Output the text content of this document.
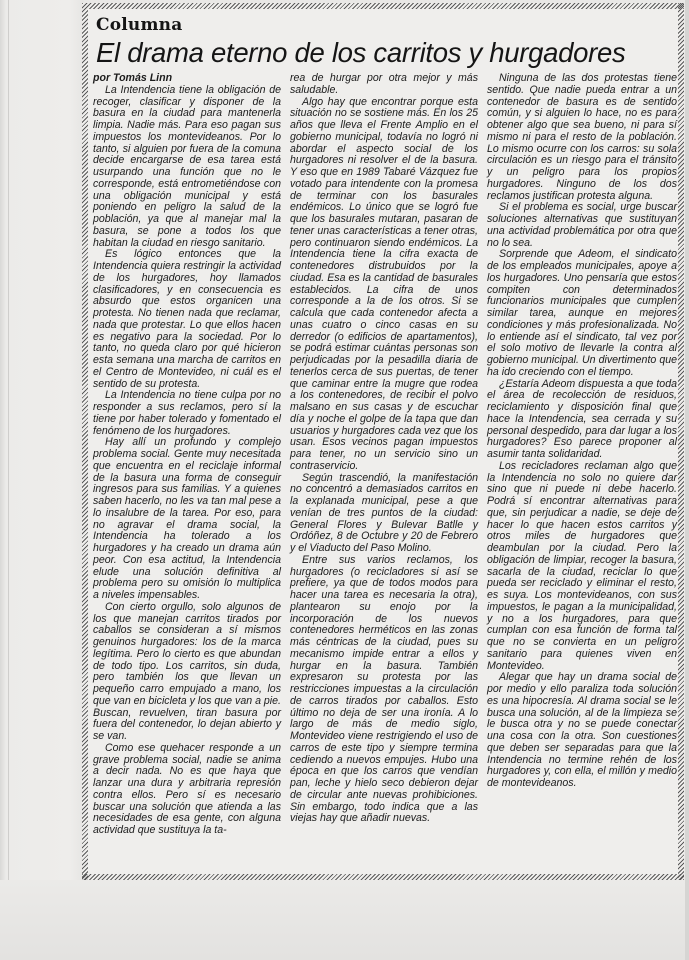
Columna
El drama eterno de los carritos y hurgadores

por Tomás Linn

La Intendencia tiene la obligación de recoger, clasificar y disponer de la basura en la ciudad para mantenerla limpia. Nadie más. Para eso pagan sus impuestos los montevideanos. Por lo tanto, si alguien por fuera de la comuna decide encargarse de esa tarea está usurpando una función que no le corresponde, está entrometiéndose con una obligación municipal y está poniendo en peligro la salud de la población, ya que al manejar mal la basura, se pone a todos los que habitan la ciudad en riesgo sanitario.

Es lógico entonces que la Intendencia quiera restringir la actividad de los hurgadores, hoy llamados clasificadores, y en consecuencia es absurdo que estos organicen una protesta. No tienen nada que reclamar, nada que protestar. Lo que ellos hacen es negativo para la sociedad. Por lo tanto, no queda claro por qué hicieron esta semana una marcha de carritos en el Centro de Montevideo, ni cuál es el sentido de su protesta.

La Intendencia no tiene culpa por no responder a sus reclamos, pero sí la tiene por haber tolerado y fomentado el fenómeno de los hurgadores.

Hay allí un profundo y complejo problema social. Gente muy necesitada que encuentra en el reciclaje informal de la basura una forma de conseguir ingresos para sus familias. Y a quienes saben hacerlo, no les va tan mal pese a lo insalubre de la tarea. Por eso, para no agravar el drama social, la Intendencia ha tolerado a los hurgadores y ha creado un drama aún peor. Con esa actitud, la Intendencia elude una solución definitiva al problema pero su omisión lo multiplica a niveles impensables.

Con cierto orgullo, solo algunos de los que manejan carritos tirados por caballos se consideran a sí mismos genuinos hurgadores: los de la marca legítima. Pero lo cierto es que abundan de todo tipo. Los carritos, sin duda, pero también los que llevan un pequeño carro empujado a mano, los que van en bicicleta y los que van a pie. Buscan, revuelven, tiran basura por fuera del contenedor, lo dejan abierto y se van.

Como ese quehacer responde a un grave problema social, nadie se anima a decir nada. No es que haya que lanzar una dura y arbitraria represión contra ellos. Pero sí es necesario buscar una solución que atienda a las necesidades de esa gente, con alguna actividad que sustituya la ta-

rea de hurgar por otra mejor y más saludable.

Algo hay que encontrar porque esta situación no se sostiene más. En los 25 años que lleva el Frente Amplio en el gobierno municipal, todavía no logró ni abordar el aspecto social de los hurgadores ni resolver el de la basura. Y eso que en 1989 Tabaré Vázquez fue votado para intendente con la promesa de terminar con los basurales endémicos. Lo único que se logró fue que los basurales mutaran, pasaran de tener unas características a tener otras, pero continuaron siendo endémicos. La Intendencia tiene la cifra exacta de contenedores distrubuidos por la ciudad. Esa es la cantidad de basurales establecidos. La cifra de unos corresponde a la de los otros. Si se calcula que cada contenedor afecta a unas cuatro o cinco casas en su derredor (o edificios de apartamentos), se podrá estimar cuántas personas son perjudicadas por la pesadilla diaria de tenerlos cerca de sus puertas, de tener que caminar entre la mugre que rodea a los contenedores, de recibir el polvo malsano en sus casas y de escuchar día y noche el golpe de la tapa que dan usuarios y hurgadores cada vez que los usan. Esos vecinos pagan impuestos para tener, no un servicio sino un contraservicio.

Según trascendió, la manifestación no concentró a demasiados carritos en la explanada municipal, pese a que venían de tres puntos de la ciudad: General Flores y Bulevar Batlle y Ordóñez, 8 de Octubre y 20 de Febrero y el Viaducto del Paso Molino.

Entre sus varios reclamos, los hurgadores (o recicladores si así se prefiere, ya que de todos modos para hacer una tarea es necesaria la otra), plantearon su enojo por la incorporación de los nuevos contenedores herméticos en las zonas más céntricas de la ciudad, pues su mecanismo impide entrar a ellos y hurgar en la basura. También expresaron su protesta por las restricciones impuestas a la circulación de carros tirados por caballos. Esto último no deja de ser una ironía. A lo largo de más de medio siglo, Montevideo viene restrigiendo el uso de carros de este tipo y siempre termina cediendo a nuevos empujes. Hubo una época en que los carros que vendían pan, leche y hielo seco debieron dejar de circular ante nuevas prohibiciones. Sin embargo, todo indica que a las viejas hay que añadir nuevas.

Ninguna de las dos protestas tiene sentido. Que nadie pueda entrar a un contenedor de basura es de sentido común, y si alguien lo hace, no es para obtener algo que sea bueno, ni para sí mismo ni para el resto de la población. Lo mismo ocurre con los carros: su sola circulación es un riesgo para el tránsito y un peligro para los propios hurgadores. Ninguno de los dos reclamos justifican protesta alguna.

Si el problema es social, urge buscar soluciones alternativas que sustituyan una actividad problemática por otra que no lo sea.

Sorprende que Adeom, el sindicato de los empleados municipales, apoye a los hurgadores. Uno pensaría que estos compiten con determinados funcionarios municipales que cumplen similar tarea, aunque en mejores condiciones y más profesionalizada. No lo entiende así el sindicato, tal vez por el solo motivo de llevarle la contra al gobierno municipal. Un divertimento que ha ido creciendo con el tiempo.

¿Estaría Adeom dispuesta a que toda el área de recolección de residuos, reciclamiento y disposición final que hace la Intendencia, sea cerrada y su personal despedido, para dar lugar a los hurgadores? Eso parece proponer al asumir tanta solidaridad.

Los recicladores reclaman algo que la Intendencia no solo no quiere dar sino que ni puede ni debe hacerlo. Podrá sí encontrar alternativas para que, sin perjudicar a nadie, se deje de hacer lo que hacen estos carritos y otros miles de hurgadores que deambulan por la ciudad. Pero la obligación de limpiar, recoger la basura, sacarla de la ciudad, reciclar lo que pueda ser reciclado y eliminar el resto, es suya. Los montevideanos, con sus impuestos, le pagan a la municipalidad, y no a los hurgadores, para que cumplan con esa función de forma tal que no se convierta en un peligro sanitario para quienes viven en Montevideo.

Alegar que hay un drama social de por medio y ello paraliza toda solución es una hipocresía. Al drama social se le busca una solución, al de la limpieza se le busca otra y no se puede conectar una cosa con la otra. Son cuestiones que deben ser separadas para que la Intendencia no termine rehén de los hurgadores y, con ella, el millón y medio de montevideanos.
